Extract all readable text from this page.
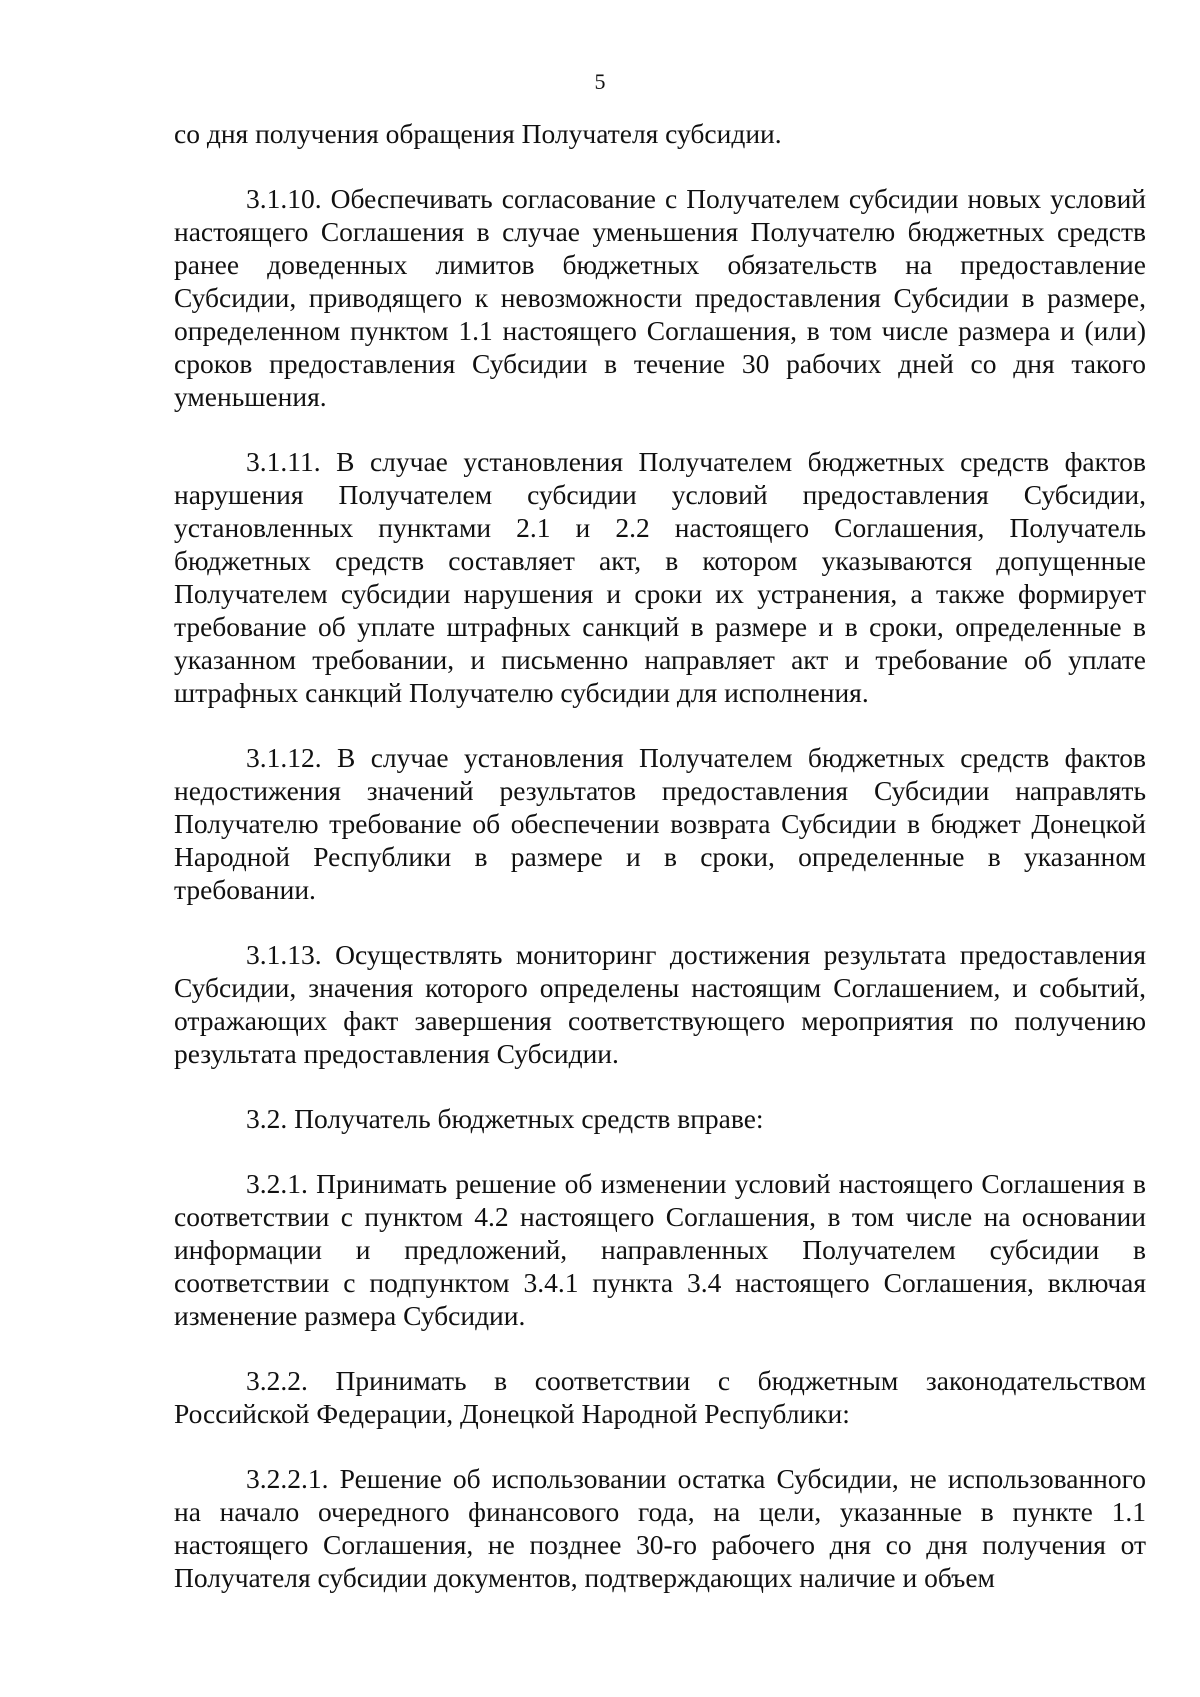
5

со дня получения обращения Получателя субсидии.

3.1.10. Обеспечивать согласование с Получателем субсидии новых условий настоящего Соглашения в случае уменьшения Получателю бюджетных средств ранее доведенных лимитов бюджетных обязательств на предоставление Субсидии, приводящего к невозможности предоставления Субсидии в размере, определенном пунктом 1.1 настоящего Соглашения, в том числе размера и (или) сроков предоставления Субсидии в течение 30 рабочих дней со дня такого уменьшения.

3.1.11. В случае установления Получателем бюджетных средств фактов нарушения Получателем субсидии условий предоставления Субсидии, установленных пунктами 2.1 и 2.2 настоящего Соглашения, Получатель бюджетных средств составляет акт, в котором указываются допущенные Получателем субсидии нарушения и сроки их устранения, а также формирует требование об уплате штрафных санкций в размере и в сроки, определенные в указанном требовании, и письменно направляет акт и требование об уплате штрафных санкций Получателю субсидии для исполнения.

3.1.12. В случае установления Получателем бюджетных средств фактов недостижения значений результатов предоставления Субсидии направлять Получателю требование об обеспечении возврата Субсидии в бюджет Донецкой Народной Республики в размере и в сроки, определенные в указанном требовании.

3.1.13. Осуществлять мониторинг достижения результата предоставления Субсидии, значения которого определены настоящим Соглашением, и событий, отражающих факт завершения соответствующего мероприятия по получению результата предоставления Субсидии.

3.2. Получатель бюджетных средств вправе:

3.2.1. Принимать решение об изменении условий настоящего Соглашения в соответствии с пунктом 4.2 настоящего Соглашения, в том числе на основании информации и предложений, направленных Получателем субсидии в соответствии с подпунктом 3.4.1 пункта 3.4 настоящего Соглашения, включая изменение размера Субсидии.

3.2.2. Принимать в соответствии с бюджетным законодательством Российской Федерации, Донецкой Народной Республики:

3.2.2.1. Решение об использовании остатка Субсидии, не использованного на начало очередного финансового года, на цели, указанные в пункте 1.1 настоящего Соглашения, не позднее 30-го рабочего дня со дня получения от Получателя субсидии документов, подтверждающих наличие и объем
